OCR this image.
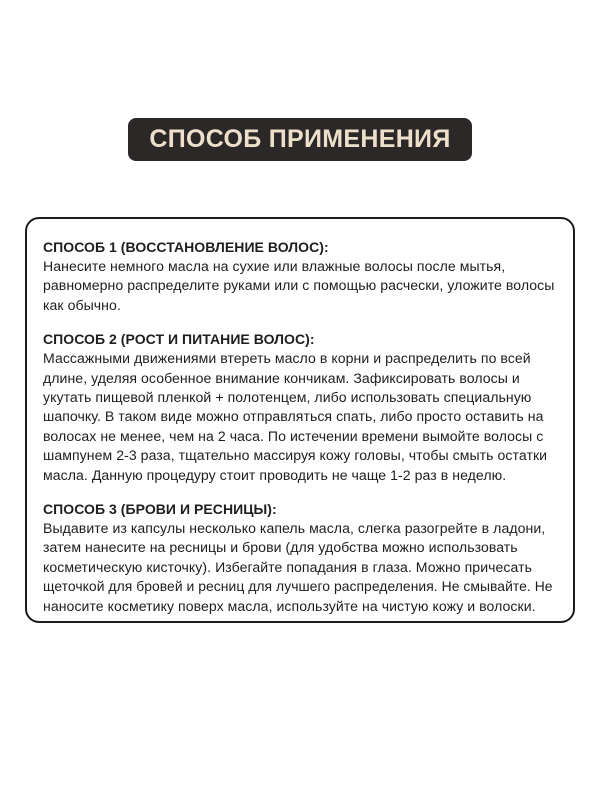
СПОСОБ ПРИМЕНЕНИЯ
СПОСОБ 1 (ВОССТАНОВЛЕНИЕ ВОЛОС):
Нанесите немного масла на сухие или влажные волосы после мытья,
равномерно распределите руками или с помощью расчески, уложите волосы
как обычно.
СПОСОБ 2 (РОСТ И ПИТАНИЕ ВОЛОС):
Массажными движениями втереть масло в корни и распределить по всей
длине, уделяя особенное внимание кончикам. Зафиксировать волосы и
укутать пищевой пленкой + полотенцем, либо использовать специальную
шапочку. В таком виде можно отправляться спать, либо просто оставить на
волосах не менее, чем на 2 часа. По истечении времени вымойте волосы с
шампунем 2-3 раза, тщательно массируя кожу головы, чтобы смыть остатки
масла. Данную процедуру стоит проводить не чаще 1-2 раз в неделю.
СПОСОБ 3 (БРОВИ И РЕСНИЦЫ):
Выдавите из капсулы несколько капель масла, слегка разогрейте в ладони,
затем нанесите на ресницы и брови (для удобства можно использовать
косметическую кисточку). Избегайте попадания в глаза. Можно причесать
щеточкой для бровей и ресниц для лучшего распределения. Не смывайте. Не
наносите косметику поверх масла, используйте на чистую кожу и волоски.
